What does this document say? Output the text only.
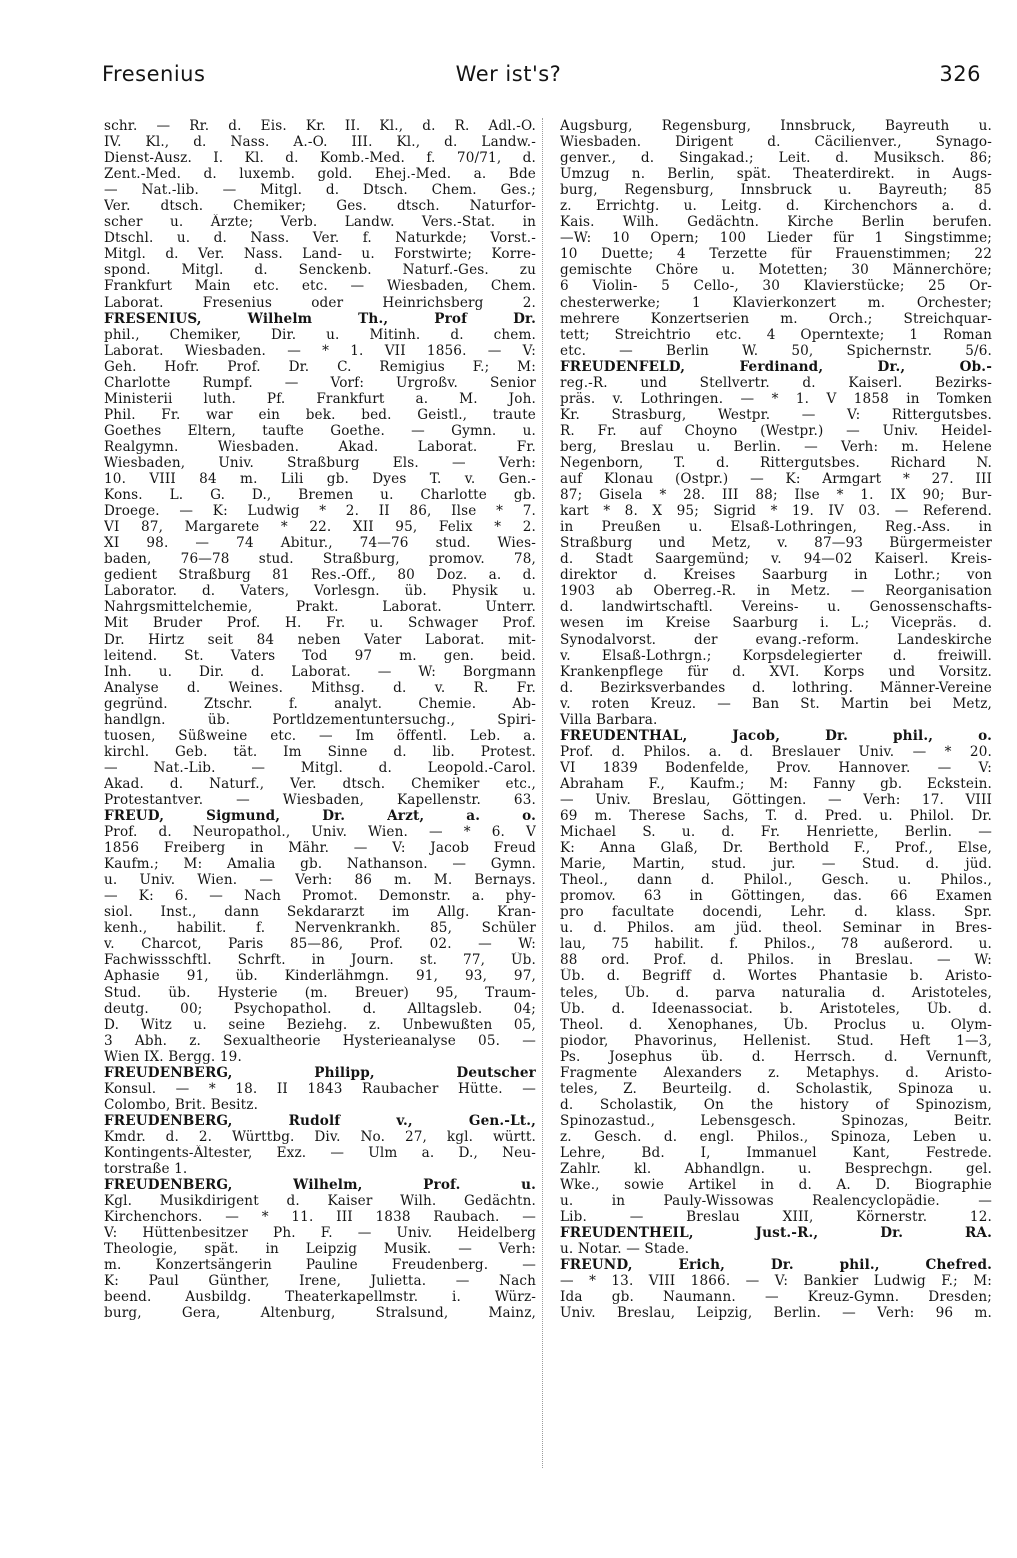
Fresenius	Wer ist's?	326
schr. — Rr. d. Eis. Kr. II. Kl., d. R. Adl.-O.
IV. Kl., d. Nass. A.-O. III. Kl., d. Landw.-
Dienst-Ausz. I. Kl. d. Komb.-Med. f. 70/71, d.
Zent.-Med. d. luxemb. gold. Ehej.-Med. a. Bde
— Nat.-lib. — Mitgl. d. Dtsch. Chem. Ges.;
Ver. dtsch. Chemiker; Ges. dtsch. Naturfor-
scher u. Ärzte; Verb. Landw. Vers.-Stat. in
Dtschl. u. d. Nass. Ver. f. Naturkde; Vorst.-
Mitgl. d. Ver. Nass. Land- u. Forstwirte; Korre-
spond. Mitgl. d. Senckenb. Naturf.-Ges. zu
Frankfurt Main etc. etc. — Wiesbaden, Chem.
Laborat. Fresenius oder Heinrichsberg 2.
FRESENIUS, Wilhelm Th., Prof Dr.
phil., Chemiker, Dir. u. Mitinh. d. chem.
Laborat. Wiesbaden. — * 1. VII 1856. — V:
Geh. Hofr. Prof. Dr. C. Remigius F.; M:
Charlotte Rumpf. — Vorf: Urgroßv. Senior
Ministerii luth. Pf. Frankfurt a. M. Joh.
Phil. Fr. war ein bek. bed. Geistl., traute
Goethes Eltern, taufte Goethe. — Gymn. u.
Realgymn. Wiesbaden. Akad. Laborat. Fr.
Wiesbaden, Univ. Straßburg Els. — Verh:
10. VIII 84 m. Lili gb. Dyes T. v. Gen.-
Kons. L. G. D., Bremen u. Charlotte gb.
Droege. — K: Ludwig * 2. II 86, Ilse * 7.
VI 87, Margarete * 22. XII 95, Felix * 2.
XI 98. — 74 Abitur., 74—76 stud. Wies-
baden, 76—78 stud. Straßburg, promov. 78,
gedient Straßburg 81 Res.-Off., 80 Doz. a. d.
Laborator. d. Vaters, Vorlesgn. üb. Physik u.
Nahrgsmittelchemie, Prakt. Laborat. Unterr.
Mit Bruder Prof. H. Fr. u. Schwager Prof.
Dr. Hirtz seit 84 neben Vater Laborat. mit-
leitend. St. Vaters Tod 97 m. gen. beid.
Inh. u. Dir. d. Laborat. — W: Borgmann
Analyse d. Weines. Mithsg. d. v. R. Fr.
gegründ. Ztschr. f. analyt. Chemie. Ab-
handlgn. üb. Portldzementuntersuchg., Spiri-
tuosen, Süßweine etc. — Im öffentl. Leb. a.
kirchl. Geb. tät. Im Sinne d. lib. Protest.
— Nat.-Lib. — Mitgl. d. Leopold.-Carol.
Akad. d. Naturf., Ver. dtsch. Chemiker etc.,
Protestantver. — Wiesbaden, Kapellenstr. 63.
FREUD, Sigmund, Dr. Arzt, a. o.
Prof. d. Neuropathol., Univ. Wien. — * 6. V
1856 Freiberg in Mähr. — V: Jacob Freud
Kaufm.; M: Amalia gb. Nathanson. — Gymn.
u. Univ. Wien. — Verh: 86 m. M. Bernays.
— K: 6. — Nach Promot. Demonstr. a. phy-
siol. Inst., dann Sekdararzt im Allg. Kran-
kenh., habilit. f. Nervenkrankh. 85, Schüler
v. Charcot, Paris 85—86, Prof. 02. — W:
Fachwissschftl. Schrft. in Journ. st. 77, Üb.
Aphasie 91, üb. Kinderlähmgn. 91, 93, 97,
Stud. üb. Hysterie (m. Breuer) 95, Traum-
deutg. 00; Psychopathol. d. Alltagsleb. 04;
D. Witz u. seine Beziehg. z. Unbewußten 05,
3 Abh. z. Sexualtheorie Hysterieanalyse 05. —
Wien IX. Bergg. 19.
FREUDENBERG, Philipp, Deutscher
Konsul. — * 18. II 1843 Raubacher Hütte. —
Colombo, Brit. Besitz.
FREUDENBERG, Rudolf v., Gen.-Lt.,
Kmdr. d. 2. Württbg. Div. No. 27, kgl. württ.
Kontingents-Ältester, Exz. — Ulm a. D., Neu-
torstraße 1.
FREUDENBERG, Wilhelm, Prof. u.
Kgl. Musikdirigent d. Kaiser Wilh. Gedächtn.
Kirchenchors. — * 11. III 1838 Raubach. —
V: Hüttenbesitzer Ph. F. — Univ. Heidelberg
Theologie, spät. in Leipzig Musik. — Verh:
m. Konzertsängerin Pauline Freudenberg. —
K: Paul Günther, Irene, Julietta. — Nach
beend. Ausbildg. Theaterkapellmstr. i. Würz-
burg, Gera, Altenburg, Stralsund, Mainz,
Augsburg, Regensburg, Innsbruck, Bayreuth u.
Wiesbaden. Dirigent d. Cäcilienver., Synago-
genver., d. Singakad.; Leit. d. Musiksch. 86;
Umzug n. Berlin, spät. Theaterdirekt. in Augs-
burg, Regensburg, Innsbruck u. Bayreuth; 85
z. Errichtg. u. Leitg. d. Kirchenchors a. d.
Kais. Wilh. Gedächtn. Kirche Berlin berufen.
—W: 10 Opern; 100 Lieder für 1 Singstimme;
10 Duette; 4 Terzette für Frauenstimmen; 22
gemischte Chöre u. Motetten; 30 Männerchöre;
6 Violin- 5 Cello-, 30 Klavierstücke; 25 Or-
chesterwerke; 1 Klavierkonzert m. Orchester;
mehrere Konzertserien m. Orch.; Streichquar-
tett; Streichtrio etc. 4 Operntexte; 1 Roman
etc. — Berlin W. 50, Spichernstr. 5/6.
FREUDENFELD, Ferdinand, Dr., Ob.-
reg.-R. und Stellvertr. d. Kaiserl. Bezirks-
präs. v. Lothringen. — * 1. V 1858 in Tomken
Kr. Strasburg, Westpr. — V: Rittergutsbes.
R. Fr. auf Choyno (Westpr.) — Univ. Heidel-
berg, Breslau u. Berlin. — Verh: m. Helene
Negenborn, T. d. Rittergutsbes. Richard N.
auf Klonau (Ostpr.) — K: Armgart * 27. III
87; Gisela * 28. III 88; Ilse * 1. IX 90; Bur-
kart * 8. X 95; Sigrid * 19. IV 03. — Referend.
in Preußen u. Elsaß-Lothringen, Reg.-Ass. in
Straßburg und Metz, v. 87—93 Bürgermeister
d. Stadt Saargemünd; v. 94—02 Kaiserl. Kreis-
direktor d. Kreises Saarburg in Lothr.; von
1903 ab Oberreg.-R. in Metz. — Reorganisation
d. landwirtschaftl. Vereins- u. Genossenschafts-
wesen im Kreise Saarburg i. L.; Vicepräs. d.
Synodalvorst. der evang.-reform. Landeskirche
v. Elsaß-Lothrgn.; Korpsdelegierter d. freiwill.
Krankenpflege für d. XVI. Korps und Vorsitz.
d. Bezirksverbandes d. lothring. Männer-Vereine
v. roten Kreuz. — Ban St. Martin bei Metz,
Villa Barbara.
FREUDENTHAL, Jacob, Dr. phil., o.
Prof. d. Philos. a. d. Breslauer Univ. — * 20.
VI 1839 Bodenfelde, Prov. Hannover. — V:
Abraham F., Kaufm.; M: Fanny gb. Eckstein.
— Univ. Breslau, Göttingen. — Verh: 17. VIII
69 m. Therese Sachs, T. d. Pred. u. Philol. Dr.
Michael S. u. d. Fr. Henriette, Berlin. —
K: Anna Glaß, Dr. Berthold F., Prof., Else,
Marie, Martin, stud. jur. — Stud. d. jüd.
Theol., dann d. Philol., Gesch. u. Philos.,
promov. 63 in Göttingen, das. 66 Examen
pro facultate docendi, Lehr. d. klass. Spr.
u. d. Philos. am jüd. theol. Seminar in Bres-
lau, 75 habilit. f. Philos., 78 außerord. u.
88 ord. Prof. d. Philos. in Breslau. — W:
Üb. d. Begriff d. Wortes Phantasie b. Aristo-
teles, Üb. d. parva naturalia d. Aristoteles,
Üb. d. Ideenassociat. b. Aristoteles, Üb. d.
Theol. d. Xenophanes, Üb. Proclus u. Olym-
piodor, Phavorinus, Hellenist. Stud. Heft 1—3,
Ps. Josephus üb. d. Herrsch. d. Vernunft,
Fragmente Alexanders z. Metaphys. d. Aristo-
teles, Z. Beurteilg. d. Scholastik, Spinoza u.
d. Scholastik, On the history of Spinozism,
Spinozastud., Lebensgesch. Spinozas, Beitr.
z. Gesch. d. engl. Philos., Spinoza, Leben u.
Lehre, Bd. I, Immanuel Kant, Festrede.
Zahlr. kl. Abhandlgn. u. Besprechgn. gel.
Wke., sowie Artikel in d. A. D. Biographie
u. in Pauly-Wissowas Realencyclopädie. —
Lib. — Breslau XIII, Körnerstr. 12.
FREUDENTHEIL, Just.-R., Dr. RA.
u. Notar. — Stade.
FREUND, Erich, Dr. phil., Chefred.
— * 13. VIII 1866. — V: Bankier Ludwig F.; M:
Ida gb. Naumann. — Kreuz-Gymn. Dresden;
Univ. Breslau, Leipzig, Berlin. — Verh: 96 m.
